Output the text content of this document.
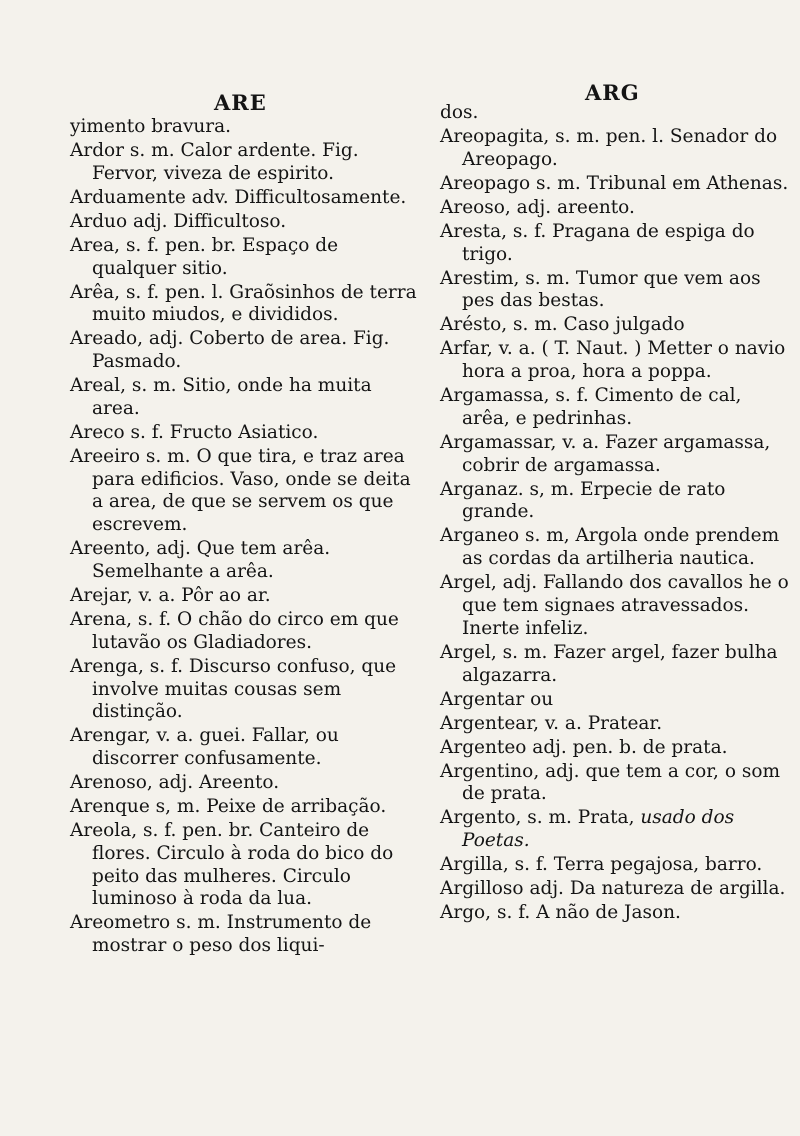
ARE	ARG

yimento bravura.

Ardor s. m. Calor ardente. Fig. Fervor, viveza de espirito.

Arduamente adv. Difficultosamente.

Arduo adj. Difficultoso.

Area, s. f. pen. br. Espaço de qualquer sitio.

Arêa, s. f. pen. l. Graõsinhos de terra muito miudos, e divididos.

Areado, adj. Coberto de area. Fig. Pasmado.

Areal, s. m. Sitio, onde ha muita area.

Areco s. f. Fructo Asiatico.

Areeiro s. m. O que tira, e traz area para edificios. Vaso, onde se deita a area, de que se servem os que escrevem.

Areento, adj. Que tem arêa. Semelhante a arêa.

Arejar, v. a. Pôr ao ar.

Arena, s. f. O chão do circo em que lutavão os Gladiadores.

Arenga, s. f. Discurso confuso, que involve muitas cousas sem distinção.

Arengar, v. a. guei. Fallar, ou discorrer confusamente.

Arenoso, adj. Areento.

Arenque s, m. Peixe de arribação.

Areola, s. f. pen. br. Canteiro de flores. Circulo à roda do bico do peito das mulheres. Circulo luminoso à roda da lua.

Areometro s. m. Instrumento de mostrar o peso dos liqui-

dos.

Areopagita, s. m. pen. l. Senador do Areopago.

Areopago s. m. Tribunal em Athenas.

Areoso, adj. areento.

Aresta, s. f. Pragana de espiga do trigo.

Arestim, s. m. Tumor que vem aos pes das bestas.

Arésto, s. m. Caso julgado

Arfar, v. a. ( T. Naut. ) Metter o navio hora a proa, hora a poppa.

Argamassa, s. f. Cimento de cal, arêa, e pedrinhas.

Argamassar, v. a. Fazer argamassa, cobrir de argamassa.

Arganaz. s, m. Erpecie de rato grande.

Arganeo s. m, Argola onde prendem as cordas da artilheria nautica.

Argel, adj. Fallando dos cavallos he o que tem signaes atravessados. Inerte infeliz.

Argel, s. m. Fazer argel, fazer bulha algazarra.

Argentar ou

Argentear, v. a. Pratear.

Argenteo adj. pen. b. de prata.

Argentino, adj. que tem a cor, o som de prata.

Argento, s. m. Prata, usado dos Poetas.

Argilla, s. f. Terra pegajosa, barro.

Argilloso adj. Da natureza de argilla.

Argo, s. f. A não de Jason.
